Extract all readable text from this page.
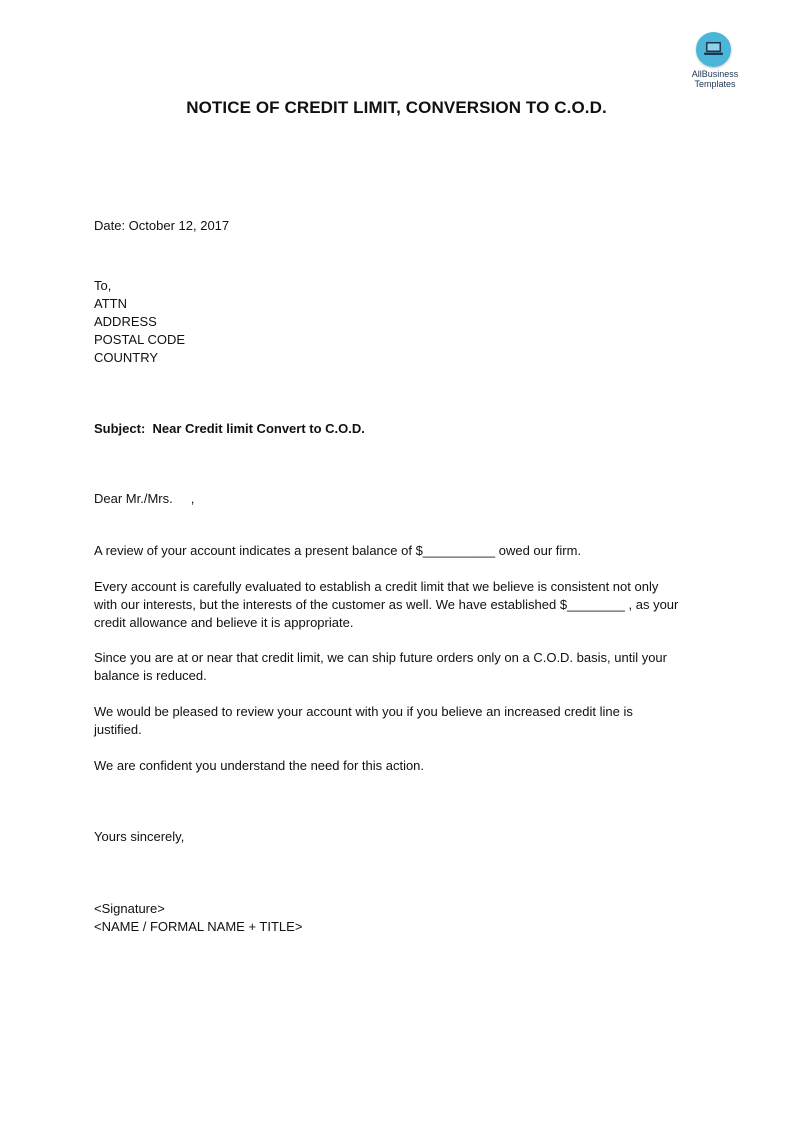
AllBusiness
Templates
NOTICE OF CREDIT LIMIT, CONVERSION TO C.O.D.
Date: October 12, 2017
To,
ATTN
ADDRESS
POSTAL CODE
COUNTRY
Subject: Near Credit limit Convert to C.O.D.
Dear Mr./Mrs.     ,
A review of your account indicates a present balance of $__________ owed our firm.
Every account is carefully evaluated to establish a credit limit that we believe is consistent not only
with our interests, but the interests of the customer as well. We have established $________ , as your
credit allowance and believe it is appropriate.
Since you are at or near that credit limit, we can ship future orders only on a C.O.D. basis, until your
balance is reduced.
We would be pleased to review your account with you if you believe an increased credit line is
justified.
We are confident you understand the need for this action.
Yours sincerely,
<Signature>
<NAME / FORMAL NAME + TITLE>
